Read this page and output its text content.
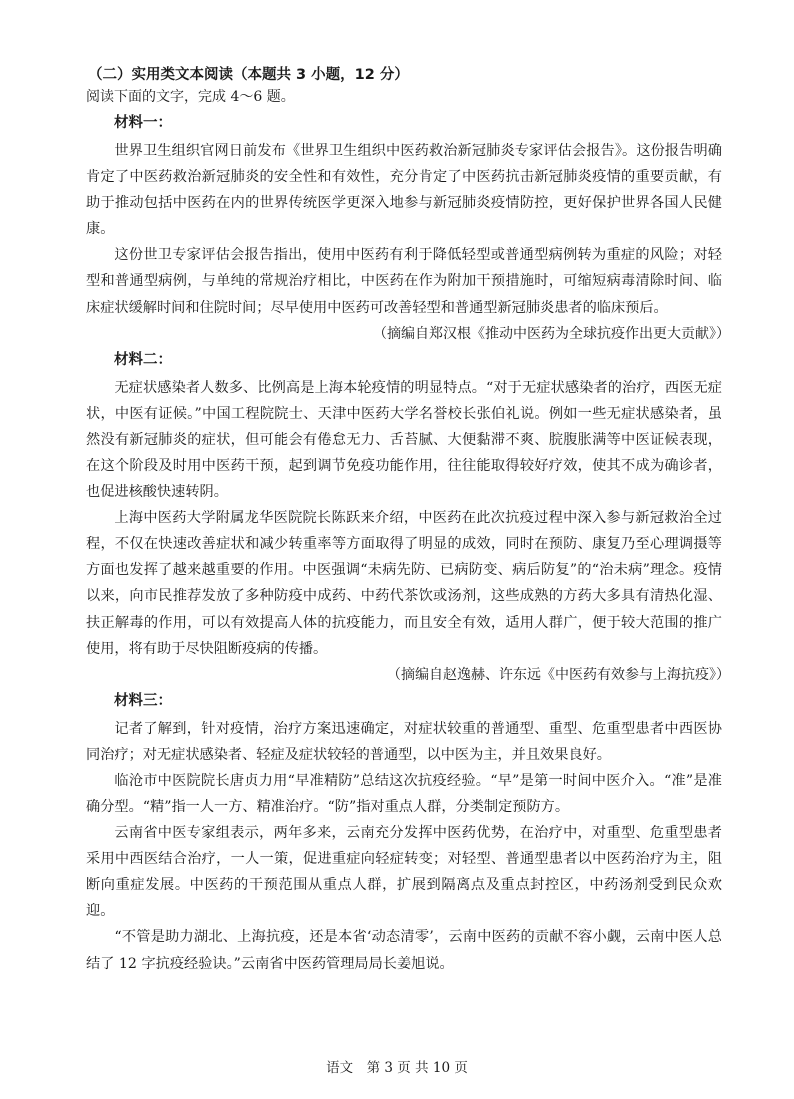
（二）实用类文本阅读（本题共 3 小题，12 分）
阅读下面的文字，完成 4～6 题。
材料一：

世界卫生组织官网日前发布《世界卫生组织中医药救治新冠肺炎专家评估会报告》。这份报告明确肯定了中医药救治新冠肺炎的安全性和有效性，充分肯定了中医药抗击新冠肺炎疫情的重要贡献，有助于推动包括中医药在内的世界传统医学更深入地参与新冠肺炎疫情防控，更好保护世界各国人民健康。

这份世卫专家评估会报告指出，使用中医药有利于降低轻型或普通型病例转为重症的风险；对轻型和普通型病例，与单纯的常规治疗相比，中医药在作为附加干预措施时，可缩短病毒清除时间、临床症状缓解时间和住院时间；尽早使用中医药可改善轻型和普通型新冠肺炎患者的临床预后。

（摘编自郑汉根《推动中医药为全球抗疫作出更大贡献》）
材料二：

无症状感染者人数多、比例高是上海本轮疫情的明显特点。“对于无症状感染者的治疗，西医无症状，中医有证候。”中国工程院院士、天津中医药大学名誉校长张伯礼说。例如一些无症状感染者，虽然没有新冠肺炎的症状，但可能会有倦怠无力、舌苔腻、大便黏滞不爽、脘腹胀满等中医证候表现，在这个阶段及时用中医药干预，起到调节免疫功能作用，往往能取得较好疗效，使其不成为确诊者，也促进核酸快速转阴。

上海中医药大学附属龙华医院院长陈跃来介绍，中医药在此次抗疫过程中深入参与新冠救治全过程，不仅在快速改善症状和减少转重率等方面取得了明显的成效，同时在预防、康复乃至心理调摄等方面也发挥了越来越重要的作用。中医强调“未病先防、已病防变、病后防复”的“治未病”理念。疫情以来，向市民推荐发放了多种防疫中成药、中药代茶饮或汤剂，这些成熟的方药大多具有清热化湿、扶正解毒的作用，可以有效提高人体的抗疫能力，而且安全有效，适用人群广，便于较大范围的推广使用，将有助于尽快阻断疫病的传播。

（摘编自赵逸赫、许东远《中医药有效参与上海抗疫》）
材料三：

记者了解到，针对疫情，治疗方案迅速确定，对症状较重的普通型、重型、危重型患者中西医协同治疗；对无症状感染者、轻症及症状较轻的普通型，以中医为主，并且效果良好。

临沧市中医院院长唐贞力用“早准精防”总结这次抗疫经验。“早”是第一时间中医介入。“准”是准确分型。“精”指一人一方、精准治疗。“防”指对重点人群，分类制定预防方。

云南省中医专家组表示，两年多来，云南充分发挥中医药优势，在治疗中，对重型、危重型患者采用中西医结合治疗，一人一策，促进重症向轻症转变；对轻型、普通型患者以中医药治疗为主，阻断向重症发展。中医药的干预范围从重点人群，扩展到隔离点及重点封控区，中药汤剂受到民众欢迎。

“不管是助力湖北、上海抗疫，还是本省‘动态清零’，云南中医药的贡献不容小觑，云南中医人总结了 12 字抗疫经验诀。”云南省中医药管理局局长姜旭说。

语文　第 3 页 共 10 页
